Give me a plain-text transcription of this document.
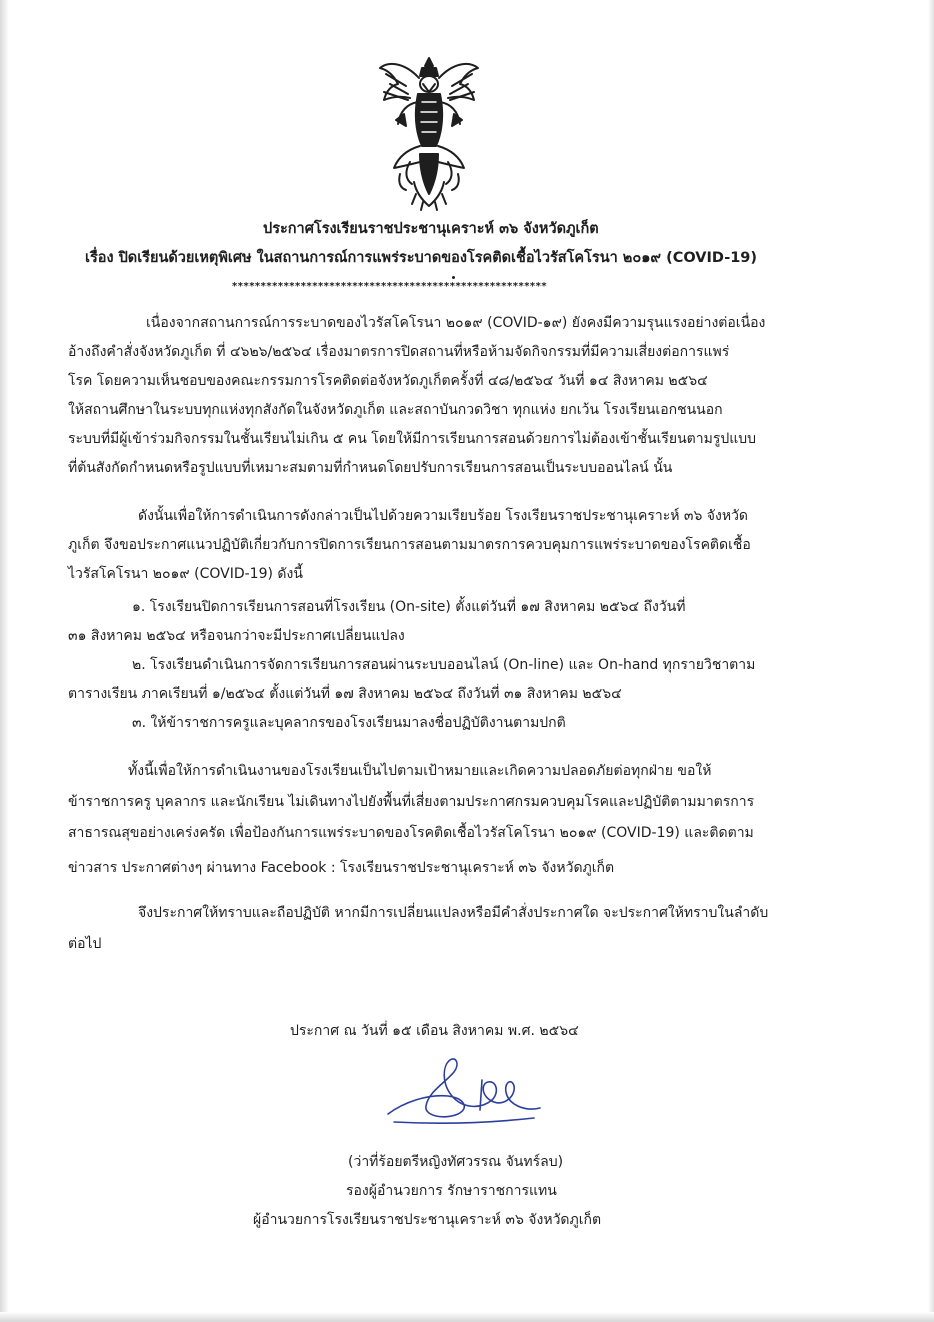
ประกาศโรงเรียนราชประชานุเคราะห์ ๓๖ จังหวัดภูเก็ต
เรื่อง ปิดเรียนด้วยเหตุพิเศษ ในสถานการณ์การแพร่ระบาดของโรคติดเชื้อไวรัสโคโรนา ๒๐๑๙ (COVID-19)
*******************************************************
เนื่องจากสถานการณ์การระบาดของไวรัสโคโรนา ๒๐๑๙ (COVID-๑๙) ยังคงมีความรุนแรงอย่างต่อเนื่อง
อ้างถึงคำสั่งจังหวัดภูเก็ต ที่ ๔๖๒๖/๒๕๖๔ เรื่องมาตรการปิดสถานที่หรือห้ามจัดกิจกรรมที่มีความเสี่ยงต่อการแพร่
โรค โดยความเห็นชอบของคณะกรรมการโรคติดต่อจังหวัดภูเก็ตครั้งที่ ๔๘/๒๕๖๔ วันที่ ๑๔ สิงหาคม ๒๕๖๔
ให้สถานศึกษาในระบบทุกแห่งทุกสังกัดในจังหวัดภูเก็ต และสถาบันกวดวิชา ทุกแห่ง ยกเว้น โรงเรียนเอกชนนอก
ระบบที่มีผู้เข้าร่วมกิจกรรมในชั้นเรียนไม่เกิน ๕ คน โดยให้มีการเรียนการสอนด้วยการไม่ต้องเข้าชั้นเรียนตามรูปแบบ
ที่ต้นสังกัดกำหนดหรือรูปแบบที่เหมาะสมตามที่กำหนดโดยปรับการเรียนการสอนเป็นระบบออนไลน์ นั้น
ดังนั้นเพื่อให้การดำเนินการดังกล่าวเป็นไปด้วยความเรียบร้อย โรงเรียนราชประชานุเคราะห์ ๓๖ จังหวัด
ภูเก็ต จึงขอประกาศแนวปฏิบัติเกี่ยวกับการปิดการเรียนการสอนตามมาตรการควบคุมการแพร่ระบาดของโรคติดเชื้อ
ไวรัสโคโรนา ๒๐๑๙ (COVID-19) ดังนี้
๑. โรงเรียนปิดการเรียนการสอนที่โรงเรียน (On-site) ตั้งแต่วันที่ ๑๗ สิงหาคม ๒๕๖๔ ถึงวันที่
๓๑ สิงหาคม ๒๕๖๔ หรือจนกว่าจะมีประกาศเปลี่ยนแปลง
๒. โรงเรียนดำเนินการจัดการเรียนการสอนผ่านระบบออนไลน์ (On-line) และ On-hand ทุกรายวิชาตาม
ตารางเรียน ภาคเรียนที่ ๑/๒๕๖๔ ตั้งแต่วันที่ ๑๗ สิงหาคม ๒๕๖๔ ถึงวันที่ ๓๑ สิงหาคม ๒๕๖๔
๓. ให้ข้าราชการครูและบุคลากรของโรงเรียนมาลงชื่อปฏิบัติงานตามปกติ
ทั้งนี้เพื่อให้การดำเนินงานของโรงเรียนเป็นไปตามเป้าหมายและเกิดความปลอดภัยต่อทุกฝ่าย ขอให้
ข้าราชการครู บุคลากร และนักเรียน ไม่เดินทางไปยังพื้นที่เสี่ยงตามประกาศกรมควบคุมโรคและปฏิบัติตามมาตรการ
สาธารณสุขอย่างเคร่งครัด เพื่อป้องกันการแพร่ระบาดของโรคติดเชื้อไวรัสโคโรนา ๒๐๑๙ (COVID-19) และติดตาม
ข่าวสาร ประกาศต่างๆ ผ่านทาง Facebook : โรงเรียนราชประชานุเคราะห์ ๓๖ จังหวัดภูเก็ต
จึงประกาศให้ทราบและถือปฏิบัติ หากมีการเปลี่ยนแปลงหรือมีคำสั่งประกาศใด จะประกาศให้ทราบในลำดับ
ต่อไป
ประกาศ ณ วันที่ ๑๕ เดือน สิงหาคม พ.ศ. ๒๕๖๔
(ว่าที่ร้อยตรีหญิงทัศวรรณ จันทร์ลบ)
รองผู้อำนวยการ รักษาราชการแทน
ผู้อำนวยการโรงเรียนราชประชานุเคราะห์ ๓๖ จังหวัดภูเก็ต
